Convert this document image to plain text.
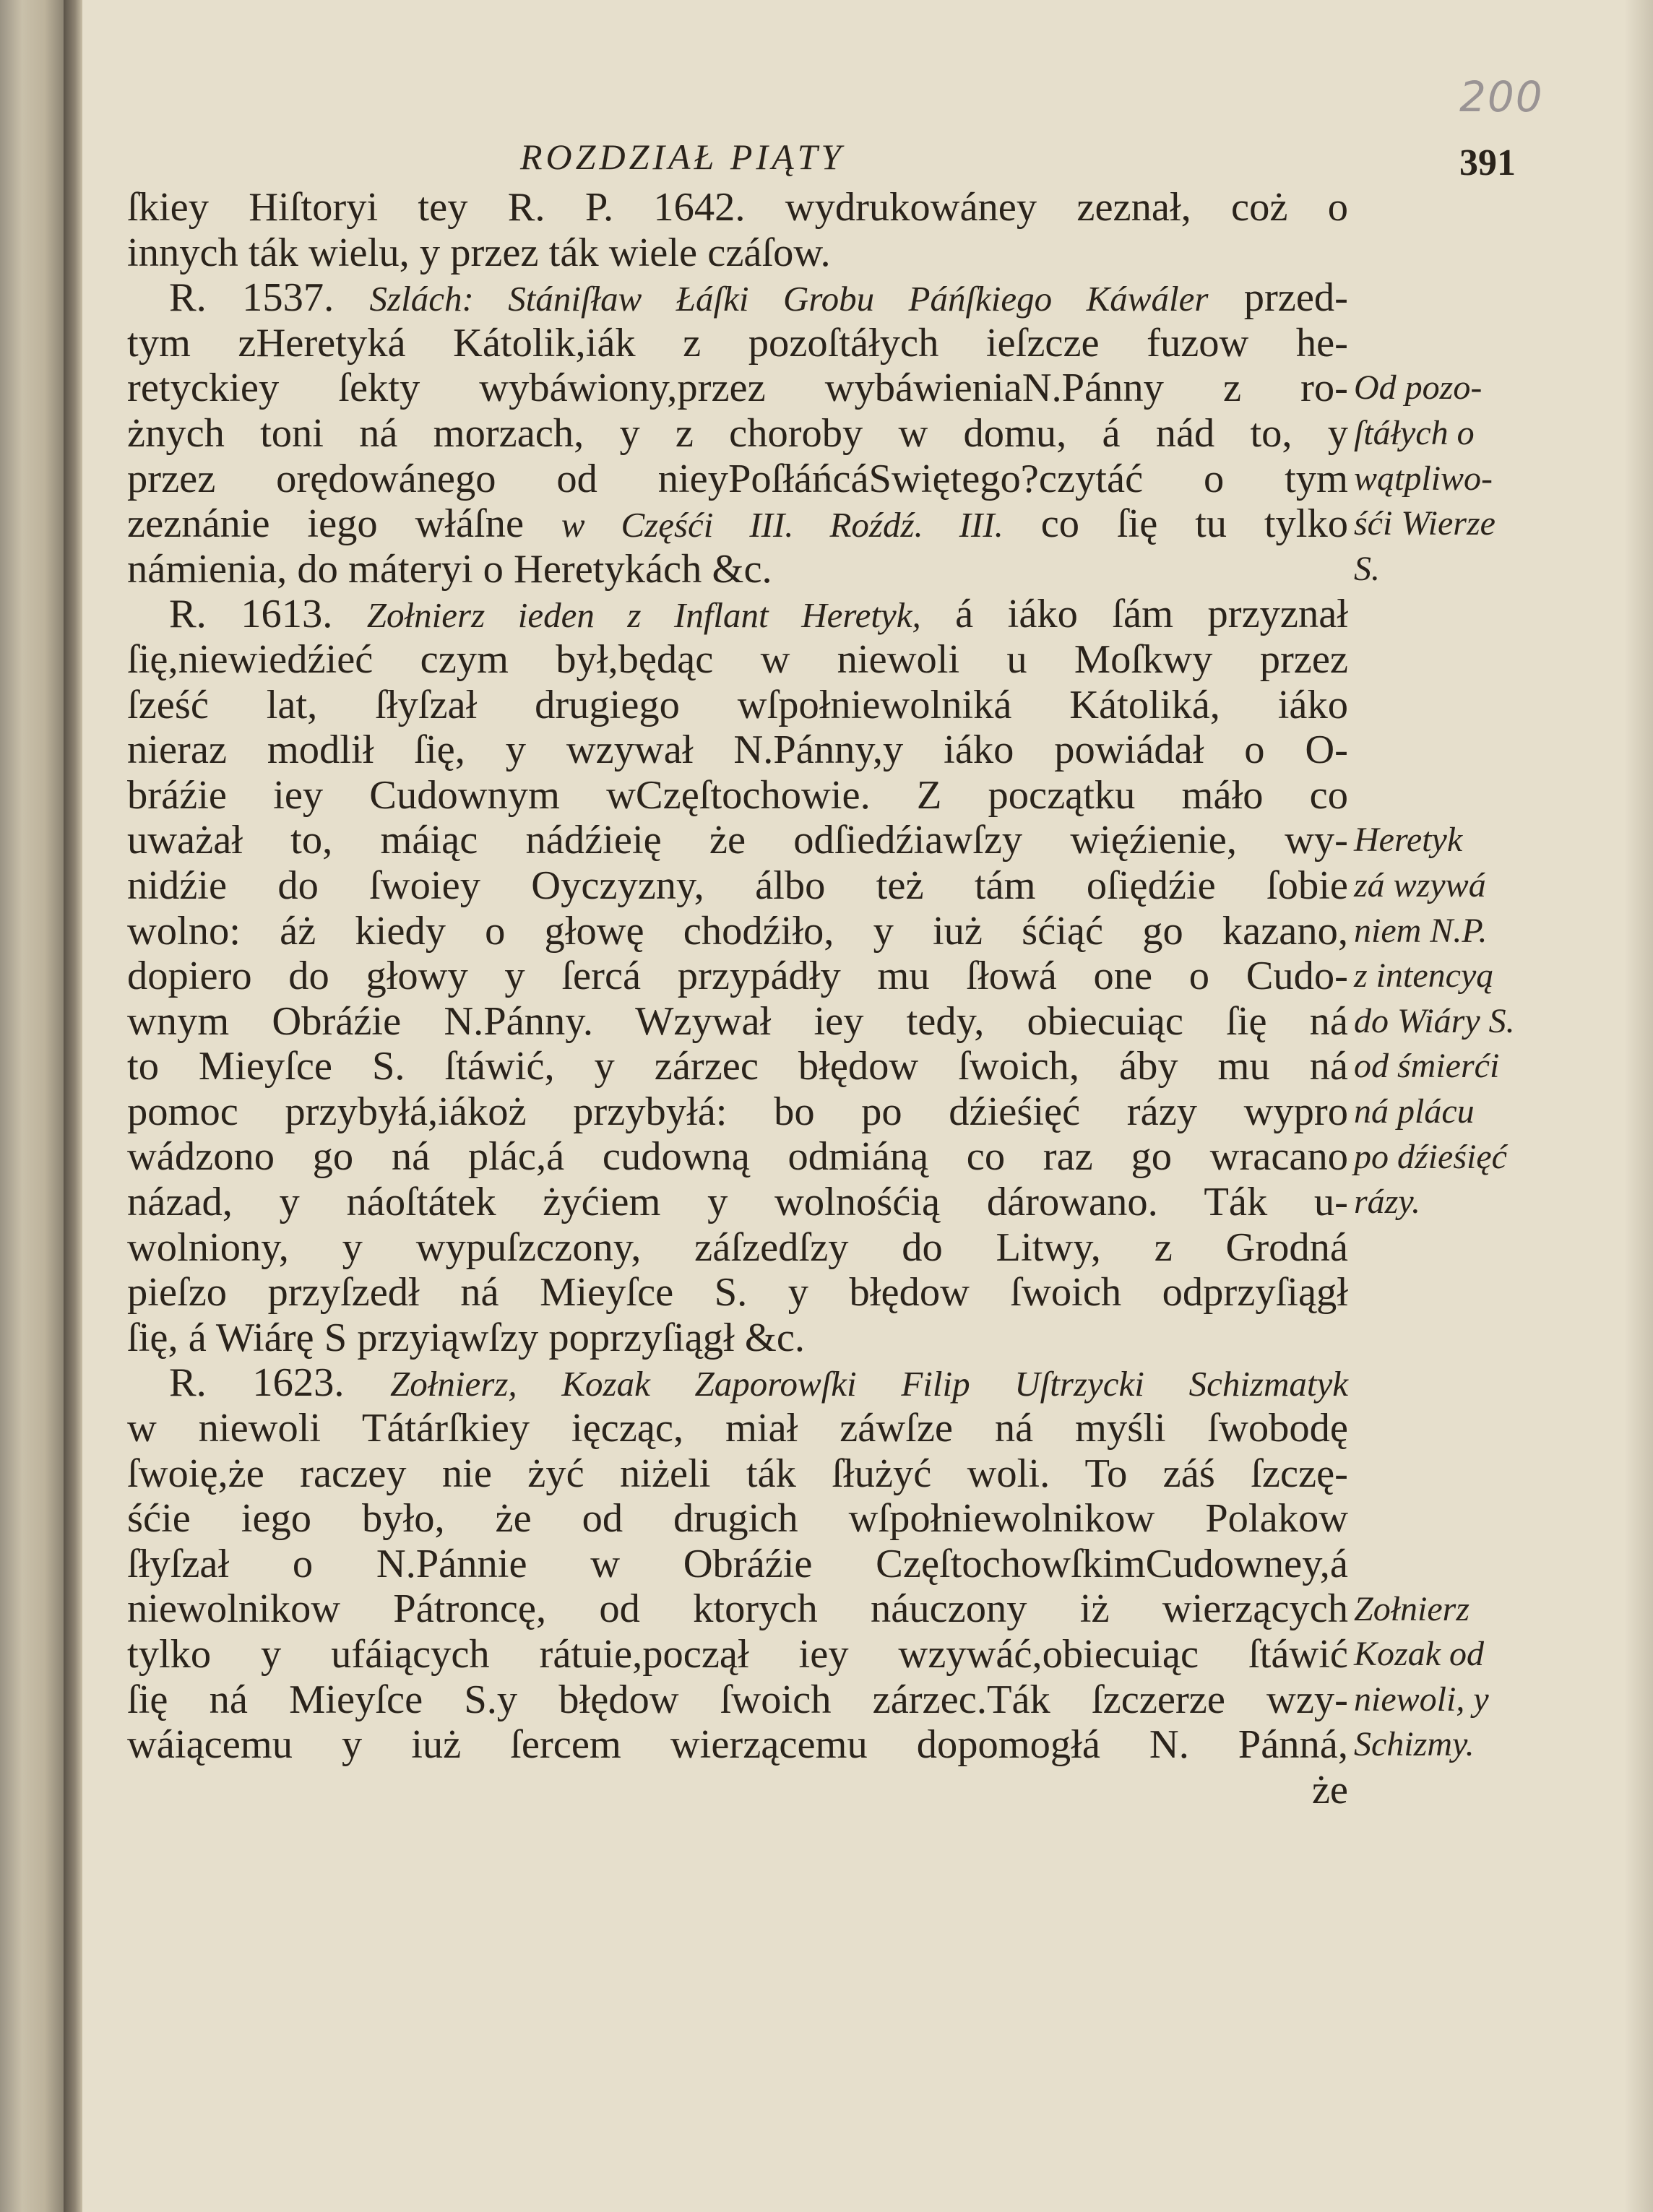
200
ROZDZIAŁ PIĄTY	391
ſkiey Hiſtoryi tey R. P. 1642. wydrukowáney zeznał, coż o
innych ták wielu, y przez ták wiele czáſow.
R. 1537. Szlách: Stániſław Łáſki Grobu Páńſkiego Káwáler przed-
tym zHeretyká Kátolik,iák z pozoſtáłych ieſzcze fuzow he-
retyckiey ſekty wybáwiony,przez wybáwieniaN.Pánny z ro-
żnych toni ná morzach, y z choroby w domu, á nád to, y
przez orędowánego od nieyPoſłáńcáSwiętego?czytáć o tym
zeznánie iego włáſne w Częśći III. Roźdź. III. co ſię tu tylko
námienia, do máteryi o Heretykách &c.
R. 1613. Zołnierz ieden z Inflant Heretyk, á iáko ſám przyznał
ſię,niewiedźieć czym był,będąc w niewoli u Moſkwy przez
ſześć lat, ſłyſzał drugiego wſpołniewolniká Kátoliká, iáko
nieraz modlił ſię, y wzywał N.Pánny,y iáko powiádał o O-
bráźie iey Cudownym wCzęſtochowie. Z początku máło co
uważał to, máiąc nádźieię że odſiedźiawſzy więźienie, wy-
nidźie do ſwoiey Oyczyzny, álbo też tám oſiędźie ſobie
wolno: áż kiedy o głowę chodźiło, y iuż śćiąć go kazano,
dopiero do głowy y ſercá przypádły mu ſłowá one o Cudo-
wnym Obráźie N.Pánny. Wzywał iey tedy, obiecuiąc ſię ná
to Mieyſce S. ſtáwić, y zárzec błędow ſwoich, áby mu ná
pomoc przybyłá,iákoż przybyłá: bo po dźieśięć rázy wypro
wádzono go ná plác,á cudowną odmiáną co raz go wracano
názad, y náoſtátek żyćiem y wolnośćią dárowano. Ták u-
wolniony, y wypuſzczony, záſzedſzy do Litwy, z Grodná
pieſzo przyſzedł ná Mieyſce S. y błędow ſwoich odprzyſiągł
ſię, á Wiárę S przyiąwſzy poprzyſiągł &c.
R. 1623. Zołnierz, Kozak Zaporowſki Filip Uſtrzycki Schizmatyk
w niewoli Tátárſkiey ięcząc, miał záwſze ná myśli ſwobodę
ſwoię,że raczey nie żyć niżeli ták ſłużyć woli. To záś ſzczę-
śćie iego było, że od drugich wſpołniewolnikow Polakow
ſłyſzał o N.Pánnie w Obráźie CzęſtochowſkimCudowney,á
niewolnikow Pátroncę, od ktorych náuczony iż wierzących
tylko y ufáiących rátuie,począł iey wzywáć,obiecuiąc ſtáwić
ſię ná Mieyſce S.y błędow ſwoich zárzec.Ták ſzczerze wzy-
wáiącemu y iuż ſercem wierzącemu dopomogłá N. Pánná,
że
Od pozo-
ſtáłych o
wątpliwo-
śći Wierze
S.
Heretyk
zá wzywá
niem N.P.
z intencyą
do Wiáry S.
od śmierći
ná plácu
po dźieśięć
rázy.
Zołnierz
Kozak od
niewoli, y
Schizmy.
